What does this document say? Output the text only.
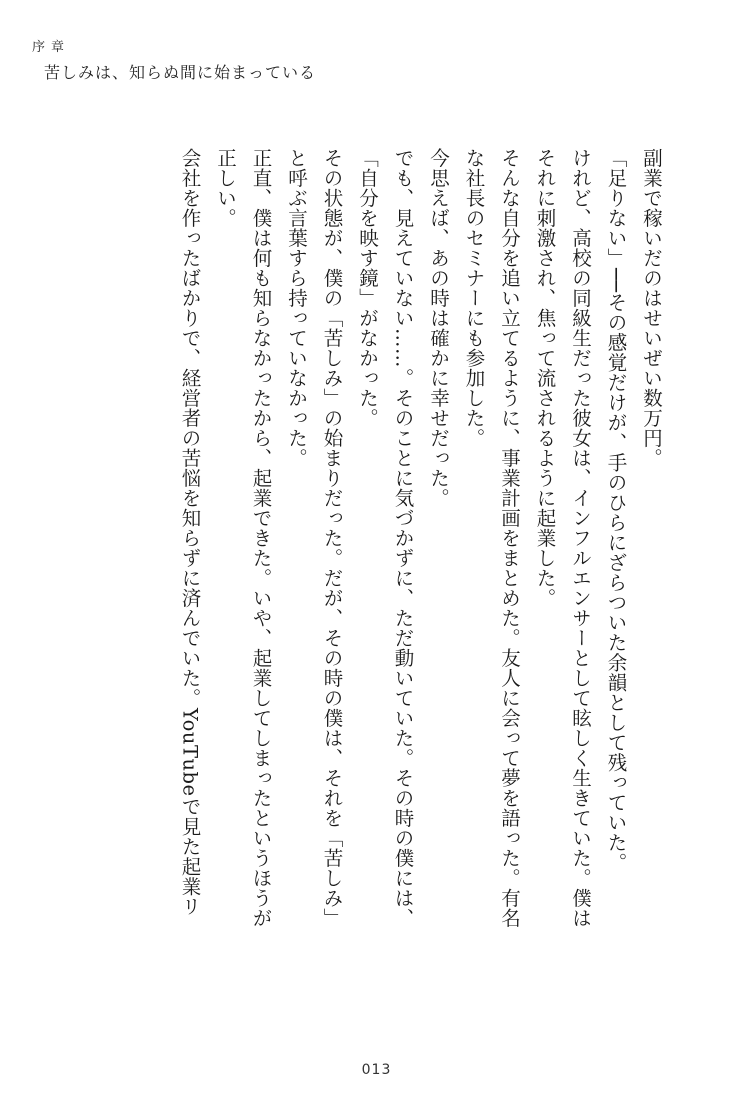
序章
苦しみは、知らぬ間に始まっている

副業で稼いだのはせいぜい数万円。

「足りない」──その感覚だけが、手のひらにざらついた余韻として残っていた。

けれど、高校の同級生だった彼女は、インフルエンサーとして眩しく生きていた。僕は

それに刺激され、焦って流されるように起業した。

そんな自分を追い立てるように、事業計画をまとめた。友人に会って夢を語った。有名

な社長のセミナーにも参加した。

今思えば、あの時は確かに幸せだった。

でも、見えていない……。そのことに気づかずに、ただ動いていた。その時の僕には、

「自分を映す鏡」がなかった。

その状態が、僕の「苦しみ」の始まりだった。だが、その時の僕は、それを「苦しみ」

と呼ぶ言葉すら持っていなかった。

正直、僕は何も知らなかったから、起業できた。いや、起業してしまったというほうが

正しい。

会社を作ったばかりで、経営者の苦悩を知らずに済んでいた。YouTubeで見た起業リ

013
